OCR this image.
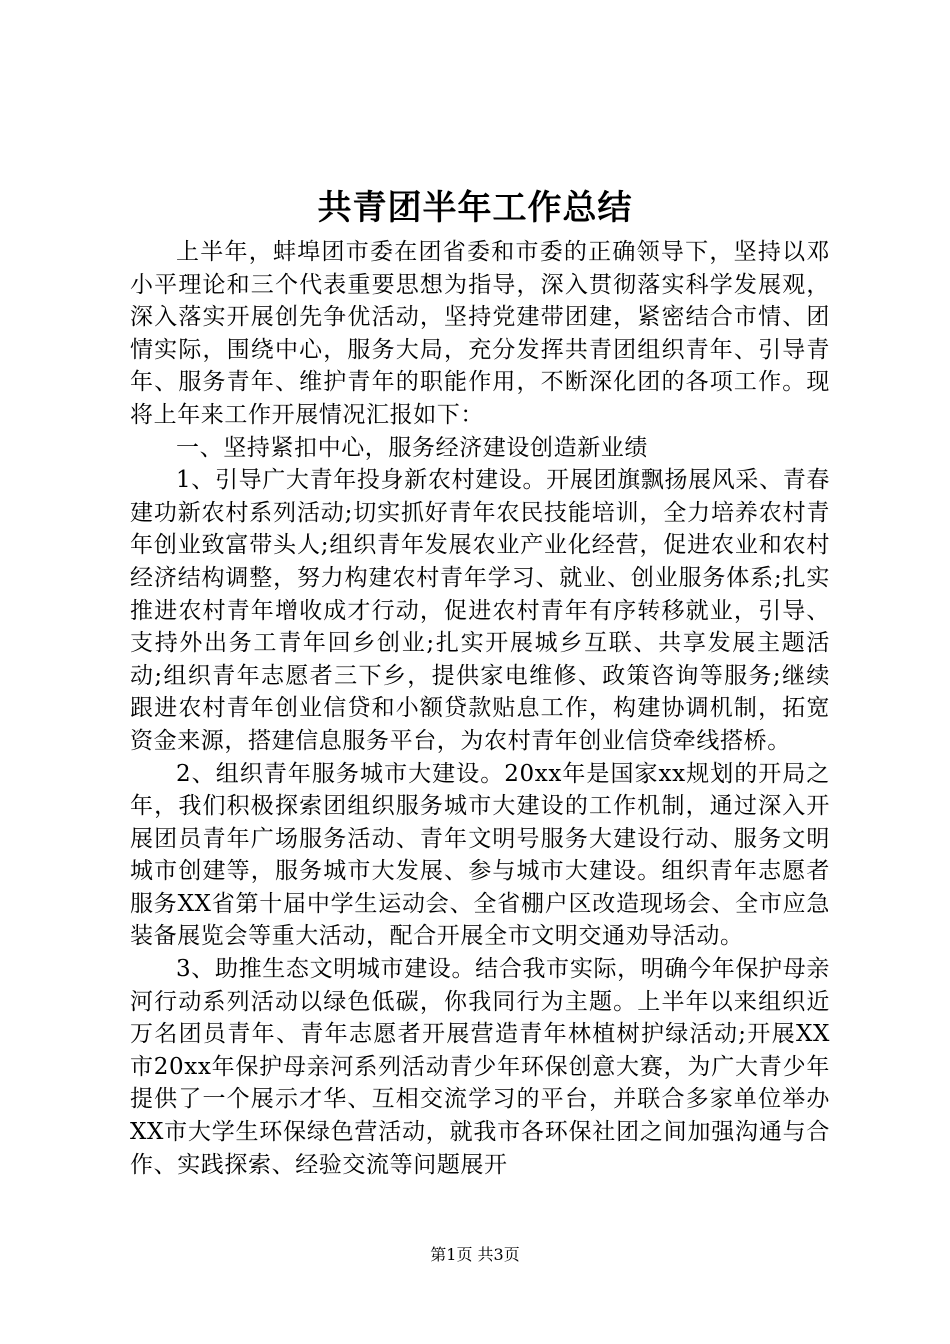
共青团半年工作总结

上半年，蚌埠团市委在团省委和市委的正确领导下，坚持以邓小平理论和三个代表重要思想为指导，深入贯彻落实科学发展观，深入落实开展创先争优活动，坚持党建带团建，紧密结合市情、团情实际，围绕中心，服务大局，充分发挥共青团组织青年、引导青年、服务青年、维护青年的职能作用，不断深化团的各项工作。现将上年来工作开展情况汇报如下：

一、坚持紧扣中心，服务经济建设创造新业绩

1、引导广大青年投身新农村建设。开展团旗飘扬展风采、青春建功新农村系列活动;切实抓好青年农民技能培训，全力培养农村青年创业致富带头人;组织青年发展农业产业化经营，促进农业和农村经济结构调整，努力构建农村青年学习、就业、创业服务体系;扎实推进农村青年增收成才行动，促进农村青年有序转移就业，引导、支持外出务工青年回乡创业;扎实开展城乡互联、共享发展主题活动;组织青年志愿者三下乡，提供家电维修、政策咨询等服务;继续跟进农村青年创业信贷和小额贷款贴息工作，构建协调机制，拓宽资金来源，搭建信息服务平台，为农村青年创业信贷牵线搭桥。

2、组织青年服务城市大建设。20xx年是国家xx规划的开局之年，我们积极探索团组织服务城市大建设的工作机制，通过深入开展团员青年广场服务活动、青年文明号服务大建设行动、服务文明城市创建等，服务城市大发展、参与城市大建设。组织青年志愿者服务XX省第十届中学生运动会、全省棚户区改造现场会、全市应急装备展览会等重大活动，配合开展全市文明交通劝导活动。

3、助推生态文明城市建设。结合我市实际，明确今年保护母亲河行动系列活动以绿色低碳，你我同行为主题。上半年以来组织近万名团员青年、青年志愿者开展营造青年林植树护绿活动;开展XX市20xx年保护母亲河系列活动青少年环保创意大赛，为广大青少年提供了一个展示才华、互相交流学习的平台，并联合多家单位举办XX市大学生环保绿色营活动，就我市各环保社团之间加强沟通与合作、实践探索、经验交流等问题展开

第1页 共3页
